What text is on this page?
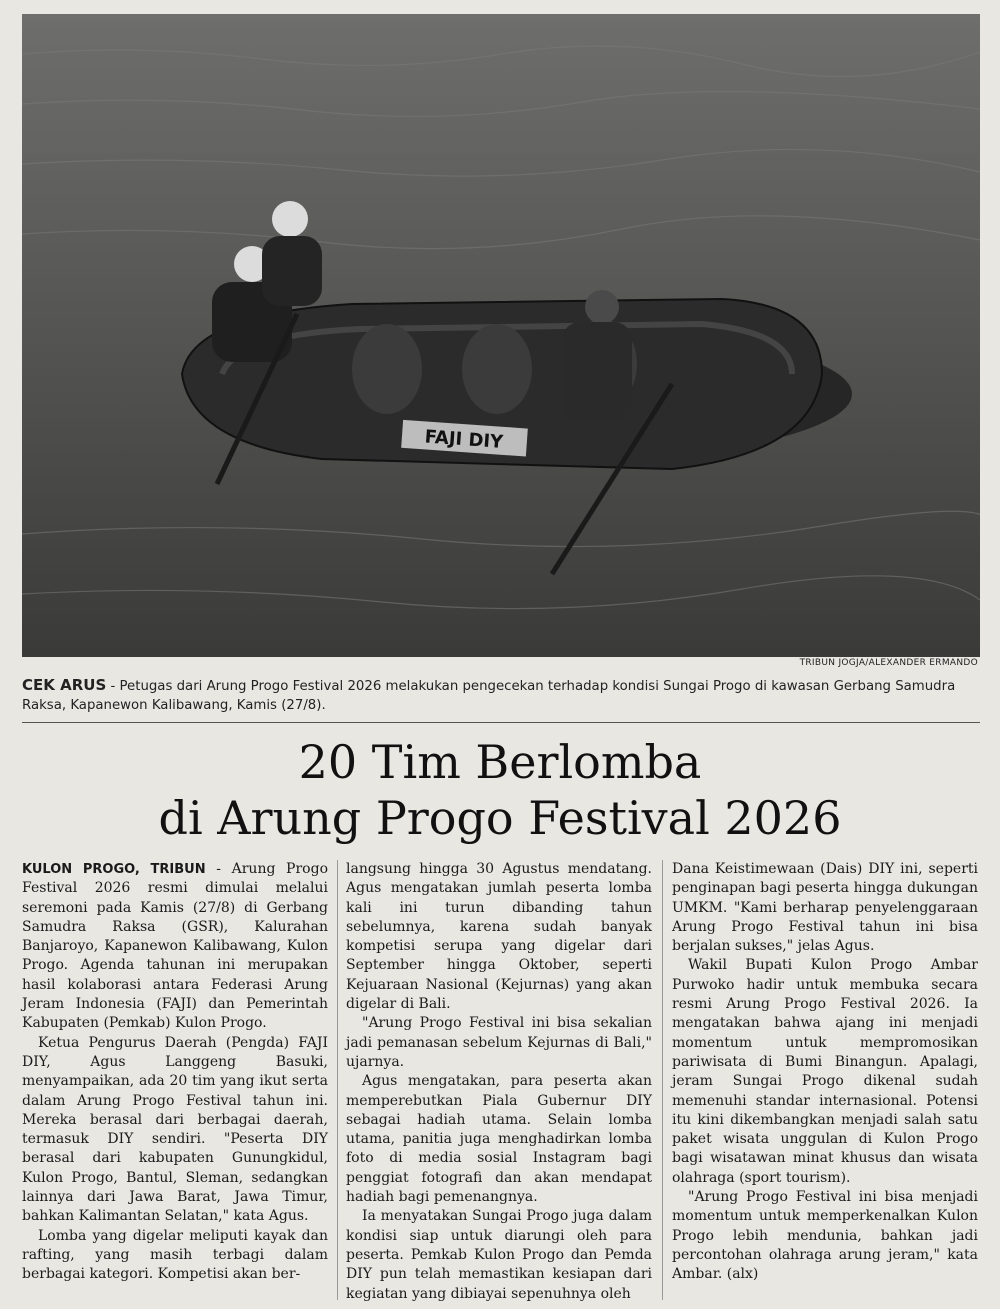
FAJI DIY
TRIBUN JOGJA/ALEXANDER ERMANDO
CEK ARUS - Petugas dari Arung Progo Festival 2026 melakukan pengecekan terhadap kondisi Sungai Progo di kawasan Gerbang Samudra Raksa, Kapanewon Kalibawang, Kamis (27/8).
20 Tim Berlomba
di Arung Progo Festival 2026

KULON PROGO, TRIBUN - Arung Progo Festival 2026 resmi dimulai melalui seremoni pada Kamis (27/8) di Gerbang Samudra Raksa (GSR), Kalurahan Banjaroyo, Kapanewon Kalibawang, Kulon Progo. Agenda tahunan ini merupakan hasil kolaborasi antara Federasi Arung Jeram Indonesia (FAJI) dan Pemerintah Kabupaten (Pemkab) Kulon Progo.

Ketua Pengurus Daerah (Pengda) FAJI DIY, Agus Langgeng Basuki, menyampaikan, ada 20 tim yang ikut serta dalam Arung Progo Festival tahun ini. Mereka berasal dari berbagai daerah, termasuk DIY sendiri. "Peserta DIY berasal dari kabupaten Gunungkidul, Kulon Progo, Bantul, Sleman, sedangkan lainnya dari Jawa Barat, Jawa Timur, bahkan Kalimantan Selatan," kata Agus.

Lomba yang digelar meliputi kayak dan rafting, yang masih terbagi dalam berbagai kategori. Kompetisi akan ber-

langsung hingga 30 Agustus mendatang. Agus mengatakan jumlah peserta lomba kali ini turun dibanding tahun sebelumnya, karena sudah banyak kompetisi serupa yang digelar dari September hingga Oktober, seperti Kejuaraan Nasional (Kejurnas) yang akan digelar di Bali.

"Arung Progo Festival ini bisa sekalian jadi pemanasan sebelum Kejurnas di Bali," ujarnya.

Agus mengatakan, para peserta akan memperebutkan Piala Gubernur DIY sebagai hadiah utama. Selain lomba utama, panitia juga menghadirkan lomba foto di media sosial Instagram bagi penggiat fotografi dan akan mendapat hadiah bagi pemenangnya.

Ia menyatakan Sungai Progo juga dalam kondisi siap untuk diarungi oleh para peserta. Pemkab Kulon Progo dan Pemda DIY pun telah memastikan kesiapan dari kegiatan yang dibiayai sepenuhnya oleh

Dana Keistimewaan (Dais) DIY ini, seperti penginapan bagi peserta hingga dukungan UMKM. "Kami berharap penyelenggaraan Arung Progo Festival tahun ini bisa berjalan sukses," jelas Agus.

Wakil Bupati Kulon Progo Ambar Purwoko hadir untuk membuka secara resmi Arung Progo Festival 2026. Ia mengatakan bahwa ajang ini menjadi momentum untuk mempromosikan pariwisata di Bumi Binangun. Apalagi, jeram Sungai Progo dikenal sudah memenuhi standar internasional. Potensi itu kini dikembangkan menjadi salah satu paket wisata unggulan di Kulon Progo bagi wisatawan minat khusus dan wisata olahraga (sport tourism).

"Arung Progo Festival ini bisa menjadi momentum untuk memperkenalkan Kulon Progo lebih mendunia, bahkan jadi percontohan olahraga arung jeram," kata Ambar. (alx)
